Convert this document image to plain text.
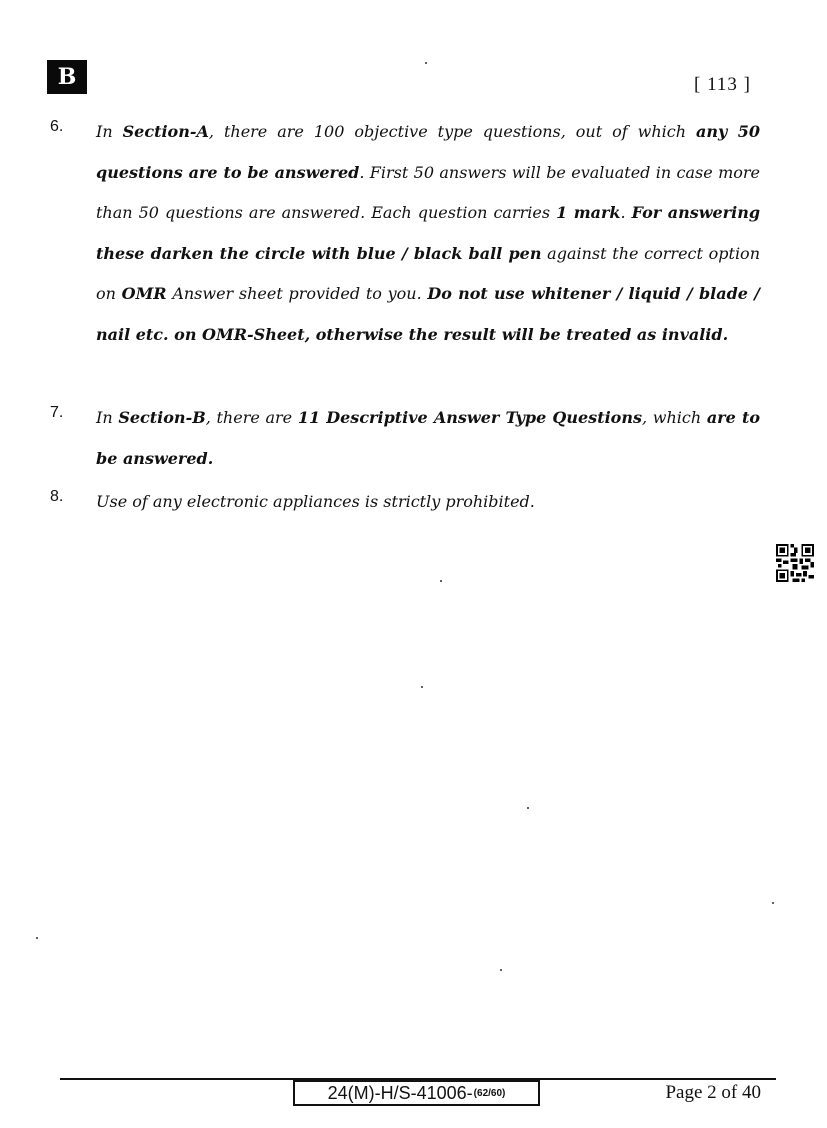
B	[ 113 ]
6. In Section-A, there are 100 objective type questions, out of which any 50 questions are to be answered. First 50 answers will be evaluated in case more than 50 questions are answered. Each question carries 1 mark. For answering these darken the circle with blue / black ball pen against the correct option on OMR Answer sheet provided to you. Do not use whitener / liquid / blade / nail etc. on OMR-Sheet, otherwise the result will be treated as invalid.
7. In Section-B, there are 11 Descriptive Answer Type Questions, which are to be answered.
8. Use of any electronic appliances is strictly prohibited.
24(M)-H/S-41006- (62/60)	Page 2 of 40
